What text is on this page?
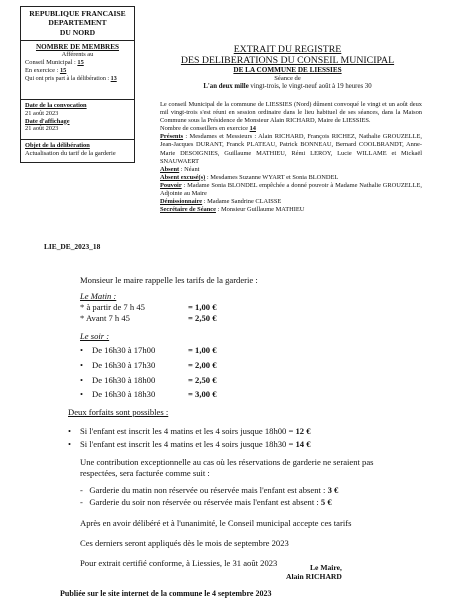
REPUBLIQUE FRANCAISE
DEPARTEMENT
DU NORD
NOMBRE DE MEMBRES
Afférents au
Conseil Municipal : 15
En exercice : 15
Qui ont pris part à la délibération : 13
Date de la convocation
21 août 2023
Date d'affichage
21 août 2023
Objet de la délibération
Actualisation du tarif de la garderie
EXTRAIT DU REGISTRE
DES DELIBERATIONS DU CONSEIL MUNICIPAL
DE LA COMMUNE DE LIESSIES
Séance de
L'an deux mille vingt-trois, le vingt-neuf août à 19 heures 30

Le conseil Municipal de la commune de LIESSIES (Nord) dûment convoqué le vingt et un août deux mil vingt-trois s'est réuni en session ordinaire dans le lieu habituel de ses séances, dans la Maison Commune sous la Présidence de Monsieur Alain RICHARD, Maire de LIESSIES.

Nombre de conseillers en exercice 14

Présents : Mesdames et Messieurs : Alain RICHARD, François RICHEZ, Nathalie GROUZELLE, Jean-Jacques DURANT, Franck PLATEAU, Patrick BONNEAU, Bernard COOLBRANDT, Anne-Marie DESOIGNIES, Guillaume MATHIEU, Rémi LEROY, Lucie WILLAME et Mickaël SNAUWAERT

Absent : Néant

Absent excusé(s) : Mesdames Suzanne WYART et Sonia BLONDEL

Pouvoir : Madame Sonia BLONDEL empêchée a donné pouvoir à Madame Nathalie GROUZELLE, Adjointe au Maire

Démissionnaire : Madame Sandrine CLAISSE

Secrétaire de Séance : Monsieur Guillaume MATHIEU

LIE_DE_2023_18
Monsieur le maire rappelle les tarifs de la garderie :
Le Matin :
* à partir de 7 h 45	= 1,00 €
* Avant 7 h 45	= 2,50 €
Le soir :
• De 16h30 à 17h00	= 1,00 €
• De 16h30 à 17h30	= 2,00 €
• De 16h30 à 18h00	= 2,50 €
• De 16h30 à 18h30	= 3,00 €
Deux forfaits sont possibles :
• Si l'enfant est inscrit les 4 matins et les 4 soirs jusque 18h00 = 12 €
• Si l'enfant est inscrit les 4 matins et les 4 soirs jusque 18h30 = 14 €
Une contribution exceptionnelle au cas où les réservations de garderie ne seraient pas
respectées, sera facturée comme suit :
-   Garderie du matin non réservée ou réservée mais l'enfant est absent : 3 €
-   Garderie du soir non réservée ou réservée mais l'enfant est absent : 5 €
Après en avoir délibéré et à l'unanimité, le Conseil municipal accepte ces tarifs
Ces derniers seront appliqués dès le mois de septembre 2023
Pour extrait certifié conforme, à Liessies, le 31 août 2023	Le Maire,
Alain RICHARD
Publiée sur le site internet de la commune le 4 septembre 2023
